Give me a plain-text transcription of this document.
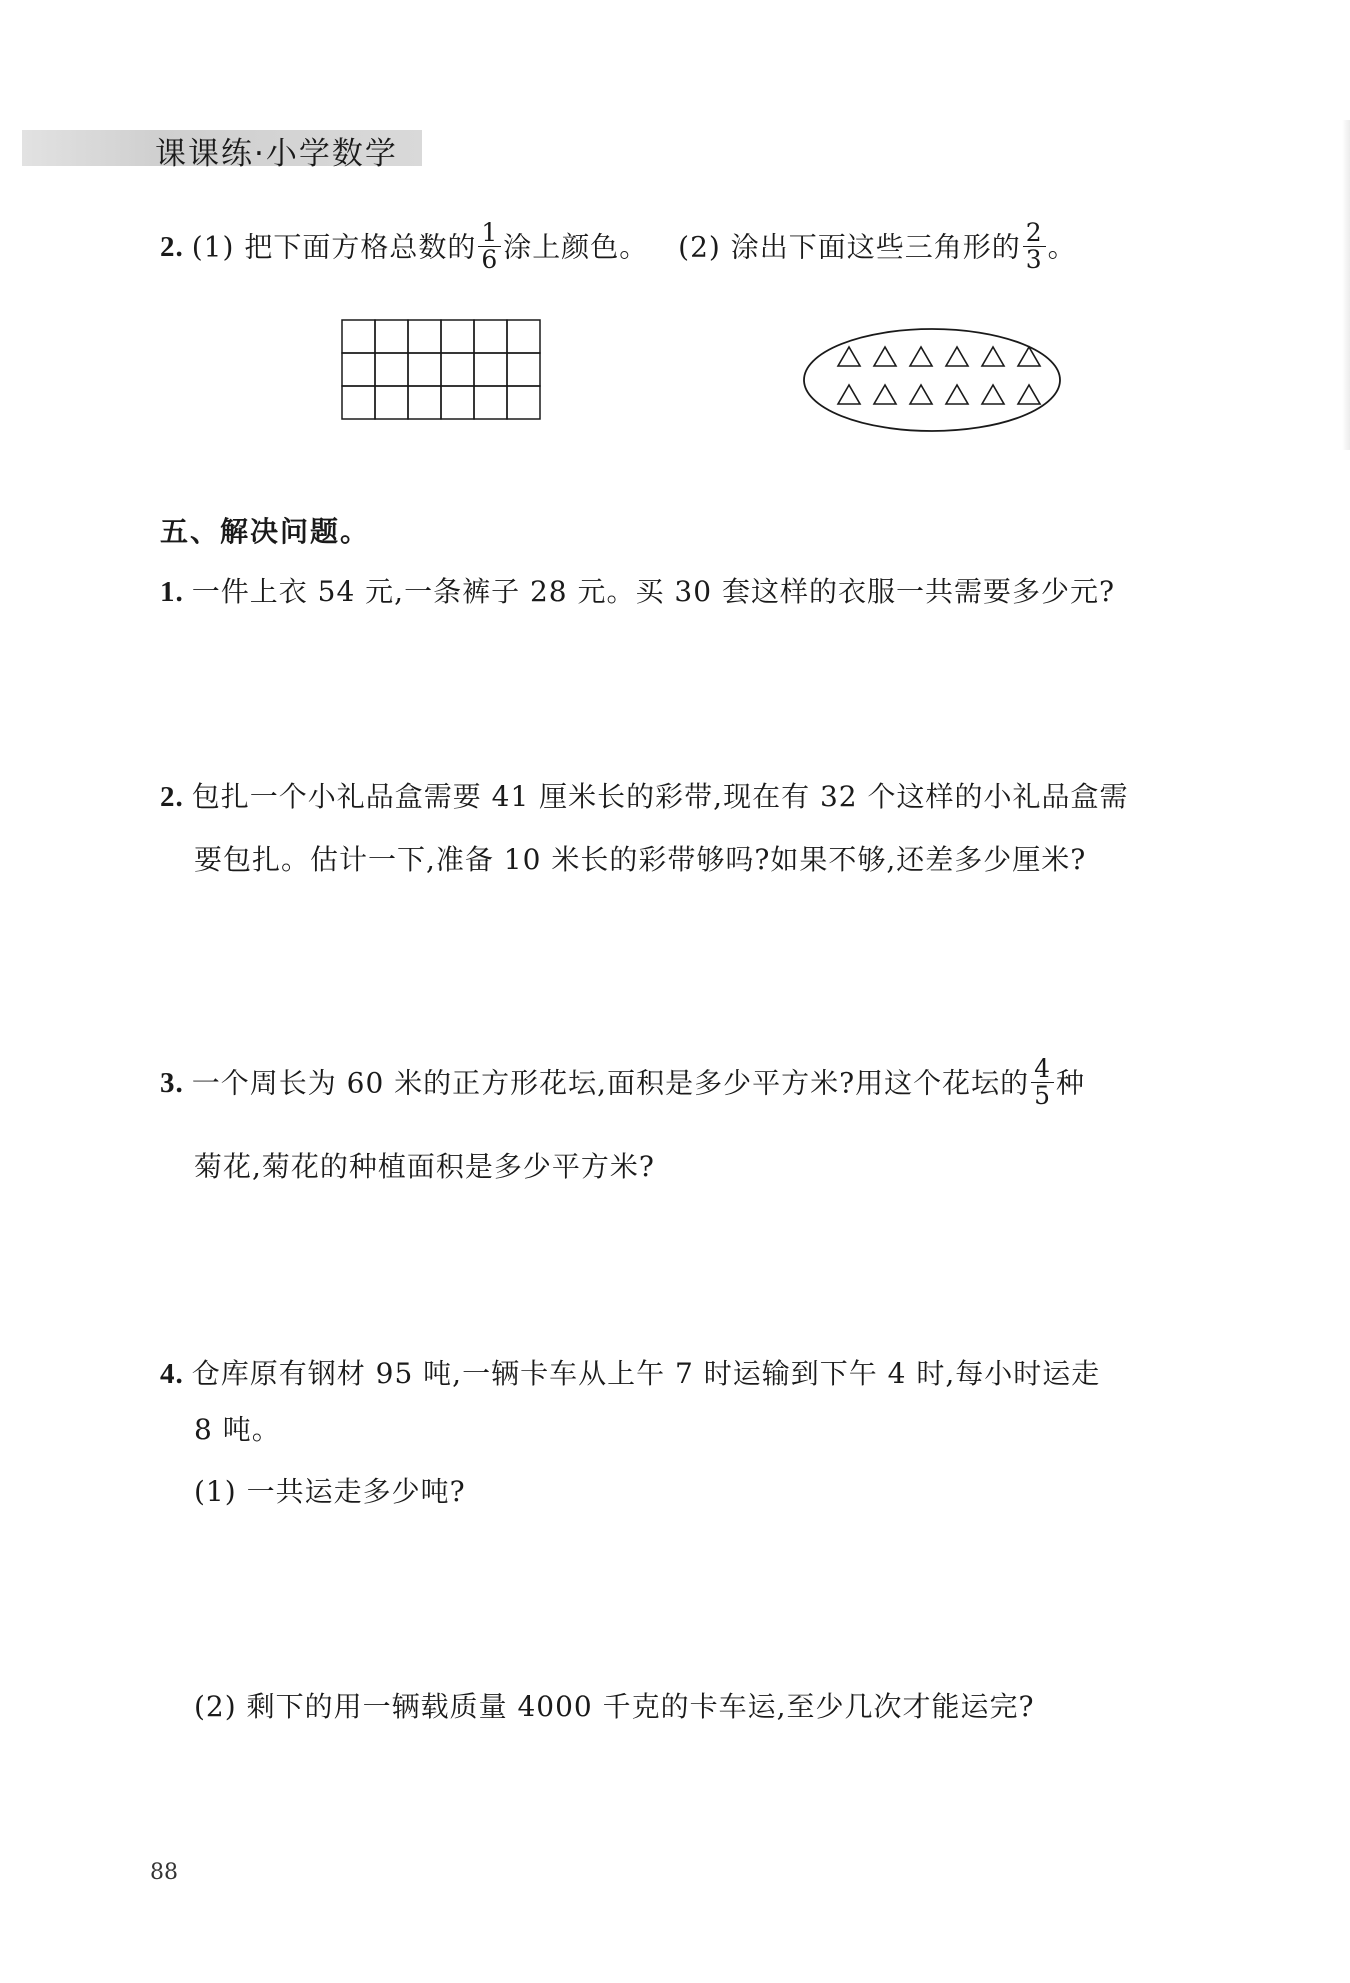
课课练·小学数学
2. (1) 把下面方格总数的 $\frac{1}{6}$ 涂上颜色。 (2) 涂出下面这些三角形的 $\frac{2}{3}$ 。
五、解决问题。
1. 一件上衣 54 元,一条裤子 28 元。买 30 套这样的衣服一共需要多少元?
2. 包扎一个小礼品盒需要 41 厘米长的彩带,现在有 32 个这样的小礼品盒需
要包扎。估计一下,准备 10 米长的彩带够吗?如果不够,还差多少厘米?
3. 一个周长为 60 米的正方形花坛,面积是多少平方米?用这个花坛的 $\frac{4}{5}$ 种
菊花,菊花的种植面积是多少平方米?
4. 仓库原有钢材 95 吨,一辆卡车从上午 7 时运输到下午 4 时,每小时运走
8 吨。
(1) 一共运走多少吨?
(2) 剩下的用一辆载质量 4000 千克的卡车运,至少几次才能运完?
88
